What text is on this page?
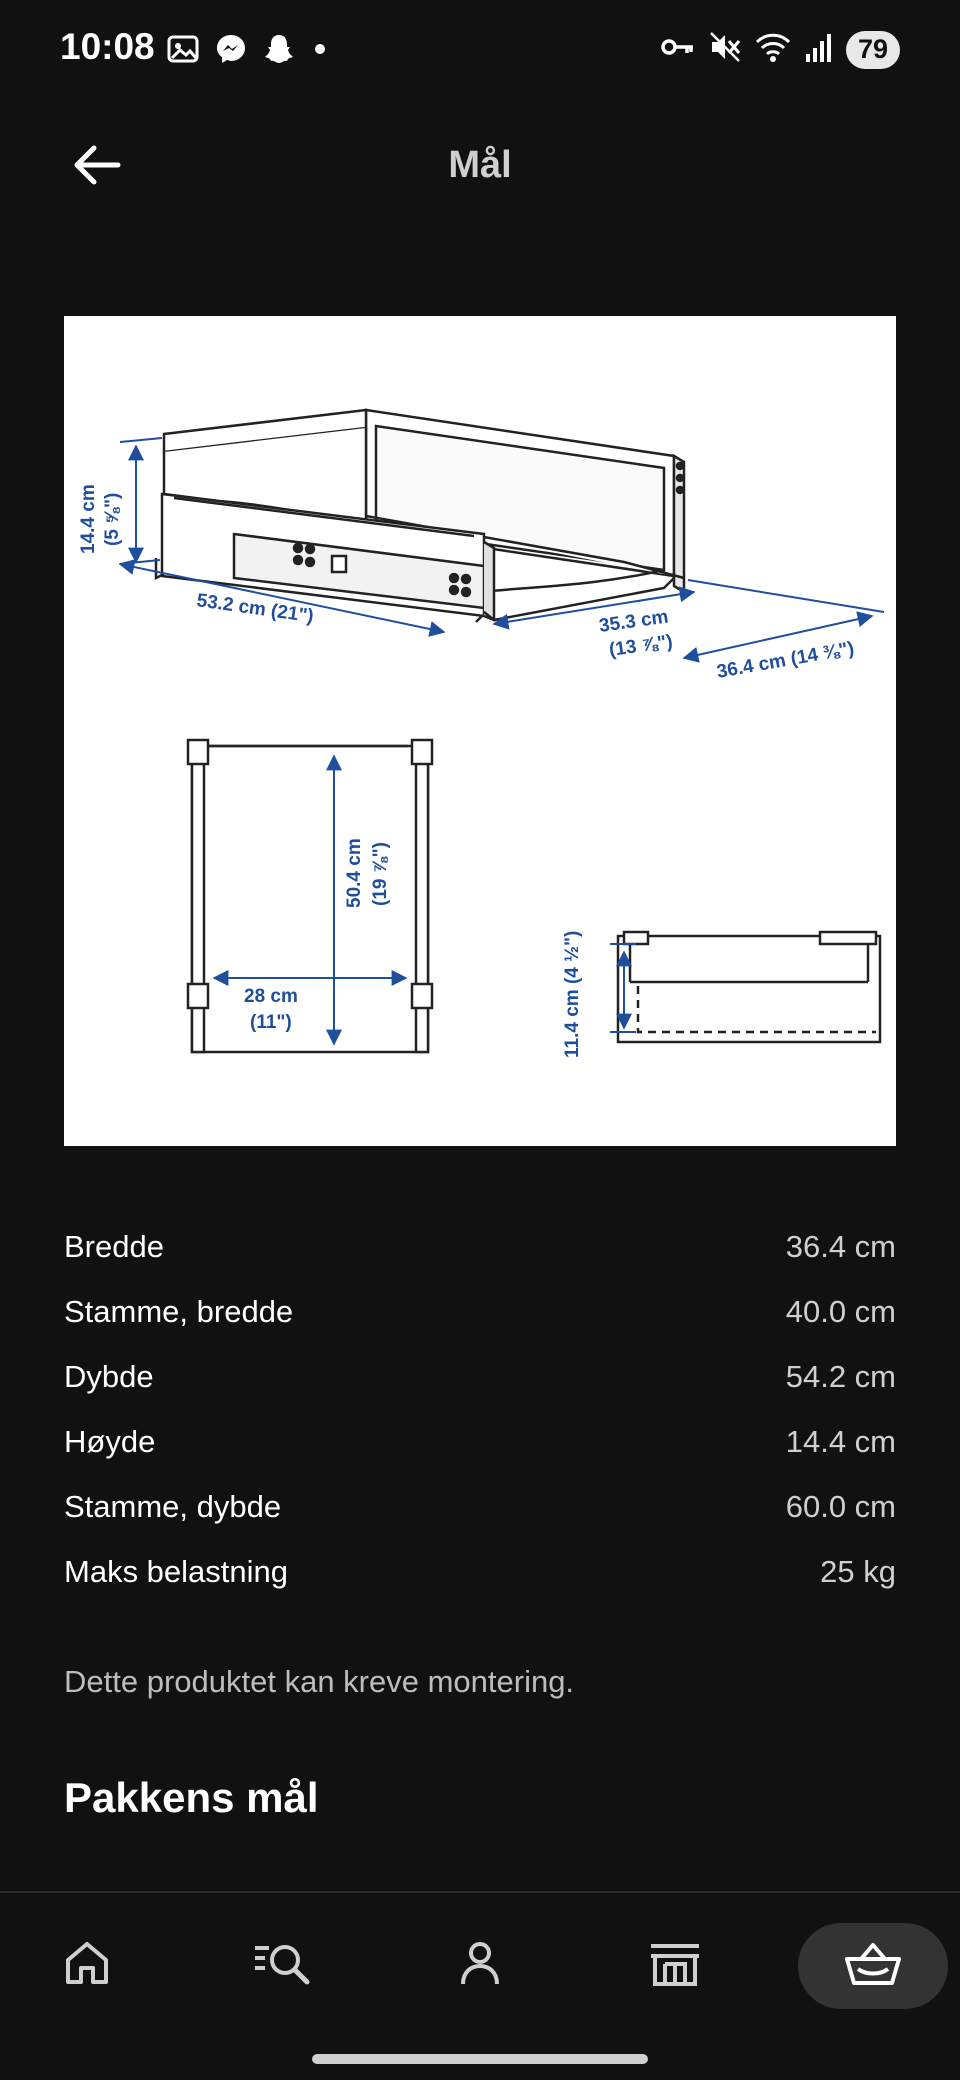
10:08	79
Mål
14.4 cm (5 ⅝")
53.2 cm (21")	35.3 cm
(13 ⅞") 36.4 cm (14 ⅜")
50.4 cm (19 ⅞")
28 cm
(11")	11.4 cm (4 ½")
Bredde	36.4 cm
Stamme, bredde	40.0 cm
Dybde	54.2 cm
Høyde	14.4 cm
Stamme, dybde	60.0 cm
Maks belastning	25 kg
Dette produktet kan kreve montering.
Pakkens mål
